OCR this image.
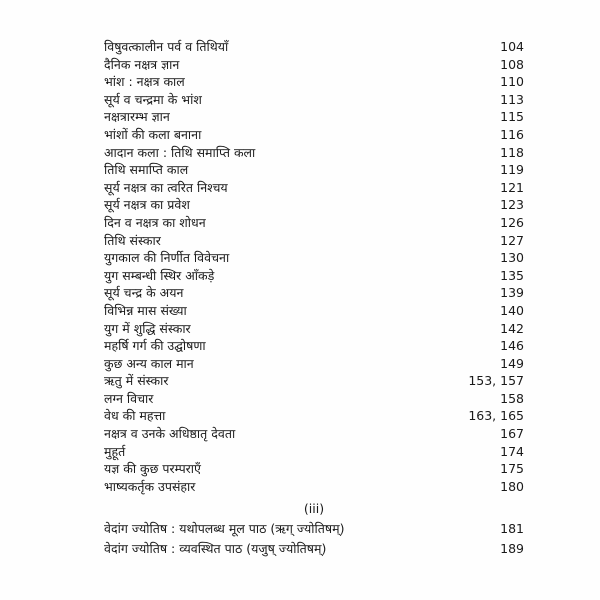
विषुवत्कालीन पर्व व तिथियाँ	104
दैनिक नक्षत्र ज्ञान	108
भांश : नक्षत्र काल	110
सूर्य व चन्द्रमा के भांश	113
नक्षत्रारम्भ ज्ञान	115
भांशों की कला बनाना	116
आदान कला : तिथि समाप्ति कला	118
तिथि समाप्ति काल	119
सूर्य नक्षत्र का त्वरित निश्चय	121
सूर्य नक्षत्र का प्रवेश	123
दिन व नक्षत्र का शोधन	126
तिथि संस्कार	127
युगकाल की निर्णीत विवेचना	130
युग सम्बन्धी स्थिर आँकड़े	135
सूर्य चन्द्र के अयन	139
विभिन्न मास संख्या	140
युग में शुद्धि संस्कार	142
महर्षि गर्ग की उद्घोषणा	146
कुछ अन्य काल मान	149
ऋतु में संस्कार	153, 157
लग्न विचार	158
वेध की महत्ता	163, 165
नक्षत्र व उनके अधिष्ठातृ देवता	167
मुहूर्त	174
यज्ञ की कुछ परम्पराएँ	175
भाष्यकर्तृक उपसंहार	180
(iii)
वेदांग ज्योतिष : यथोपलब्ध मूल पाठ (ऋग् ज्योतिषम्)	181
वेदांग ज्योतिष : व्यवस्थित पाठ (यजुष् ज्योतिषम्)	189
